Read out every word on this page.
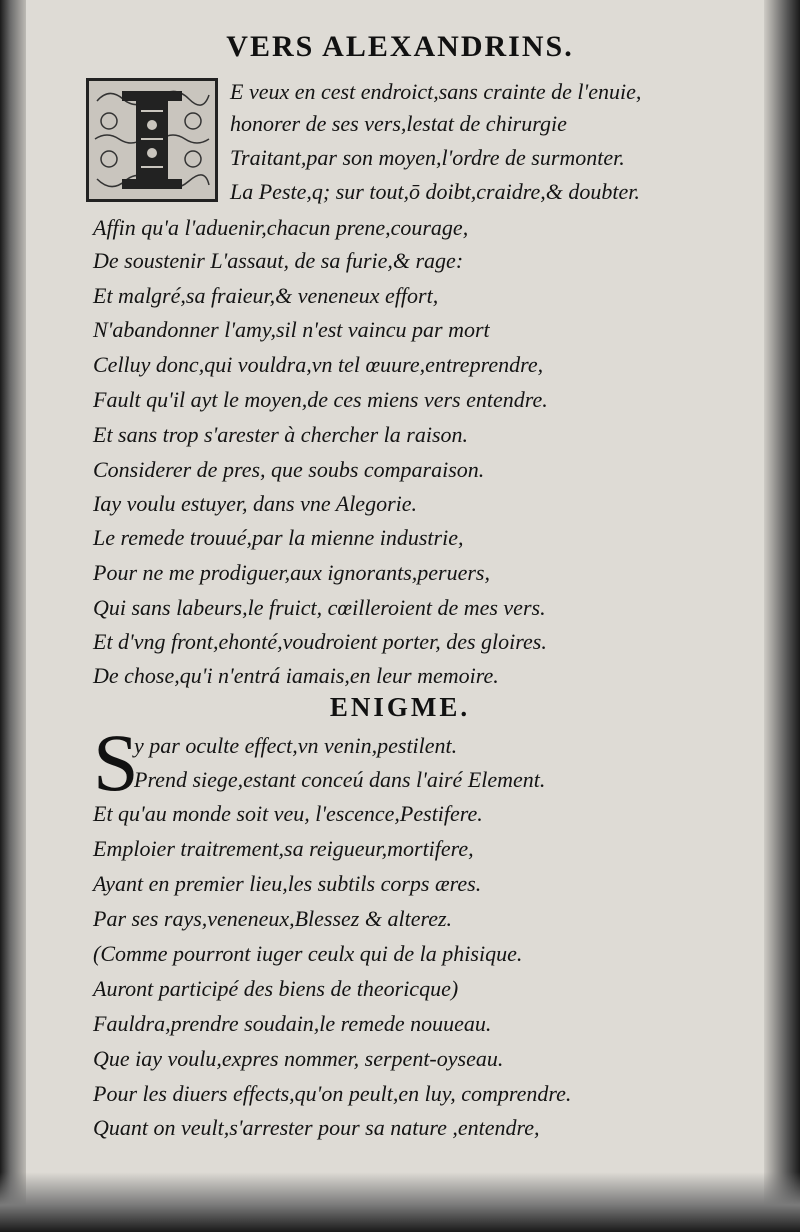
VERS ALEXANDRINS.
E veux en cest endroict,sans crainte de l'enuie,
honorer de ses vers,lestat de chirurgie
Traitant,par son moyen,l'ordre de surmonter.
La Peste,q; sur tout,ō doibt,craidre,& doubter.
Affin qu'a l'aduenir,chacun prene,courage,
De soustenir L'assaut, de sa furie,& rage:
Et malgré,sa fraieur,& veneneux effort,
N'abandonner l'amy,sil n'est vaincu par mort
Celluy donc,qui vouldra,vn tel œuure,entreprendre,
Fault qu'il ayt le moyen,de ces miens vers entendre.
Et sans trop s'arester à chercher la raison.
Considerer de pres, que soubs comparaison.
Iay voulu estuyer, dans vne Alegorie.
Le remede trouué,par la mienne industrie,
Pour ne me prodiguer,aux ignorants,peruers,
Qui sans labeurs,le fruict, cœilleroient de mes vers.
Et d'vng front,ehonté,voudroient porter, des gloires.
De chose,qu'i n'entrá iamais,en leur memoire.
ENIGME.
S
y par oculte effect,vn venin,pestilent.
Prend siege,estant conceú dans l'airé Element.
Et qu'au monde soit veu, l'escence,Pestifere.
Emploier traitrement,sa reigueur,mortifere,
Ayant en premier lieu,les subtils corps æres.
Par ses rays,veneneux,Blessez & alterez.
(Comme pourront iuger ceulx qui de la phisique.
Auront participé des biens de theoricque)
Fauldra,prendre soudain,le remede nouueau.
Que iay voulu,expres nommer, serpent-oyseau.
Pour les diuers effects,qu'on peult,en luy, comprendre.
Quant on veult,s'arrester pour sa nature ,entendre,
